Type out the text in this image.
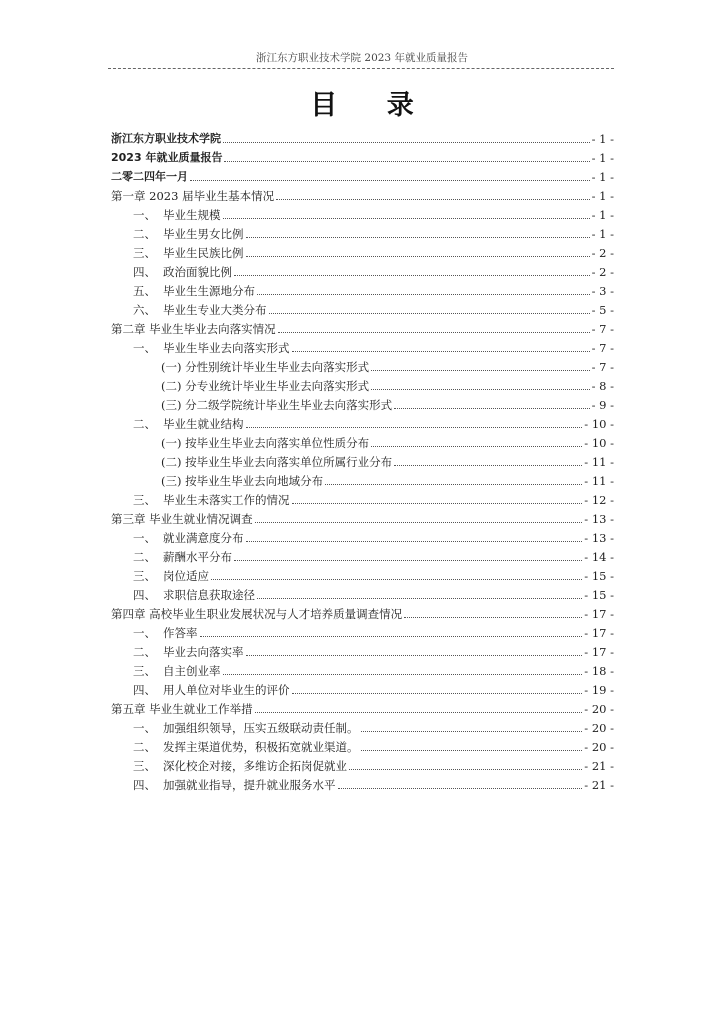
浙江东方职业技术学院 2023 年就业质量报告
目 录
浙江东方职业技术学院	- 1 -
2023 年就业质量报告	- 1 -
二零二四年一月	- 1 -
第一章 2023 届毕业生基本情况	- 1 -
一、 毕业生规模	- 1 -
二、 毕业生男女比例	- 1 -
三、 毕业生民族比例	- 2 -
四、 政治面貌比例	- 2 -
五、 毕业生生源地分布	- 3 -
六、 毕业生专业大类分布	- 5 -
第二章 毕业生毕业去向落实情况	- 7 -
一、 毕业生毕业去向落实形式	- 7 -
(一) 分性别统计毕业生毕业去向落实形式	- 7 -
(二) 分专业统计毕业生毕业去向落实形式	- 8 -
(三) 分二级学院统计毕业生毕业去向落实形式	- 9 -
二、 毕业生就业结构	- 10 -
(一) 按毕业生毕业去向落实单位性质分布	- 10 -
(二) 按毕业生毕业去向落实单位所属行业分布	- 11 -
(三) 按毕业生毕业去向地域分布	- 11 -
三、 毕业生未落实工作的情况	- 12 -
第三章 毕业生就业情况调查	- 13 -
一、 就业满意度分布	- 13 -
二、 薪酬水平分布	- 14 -
三、 岗位适应	- 15 -
四、 求职信息获取途径	- 15 -
第四章 高校毕业生职业发展状况与人才培养质量调查情况	- 17 -
一、 作答率	- 17 -
二、 毕业去向落实率	- 17 -
三、 自主创业率	- 18 -
四、 用人单位对毕业生的评价	- 19 -
第五章 毕业生就业工作举措	- 20 -
一、 加强组织领导，压实五级联动责任制。	- 20 -
二、 发挥主渠道优势，积极拓宽就业渠道。	- 20 -
三、 深化校企对接，多维访企拓岗促就业	- 21 -
四、 加强就业指导，提升就业服务水平	- 21 -
